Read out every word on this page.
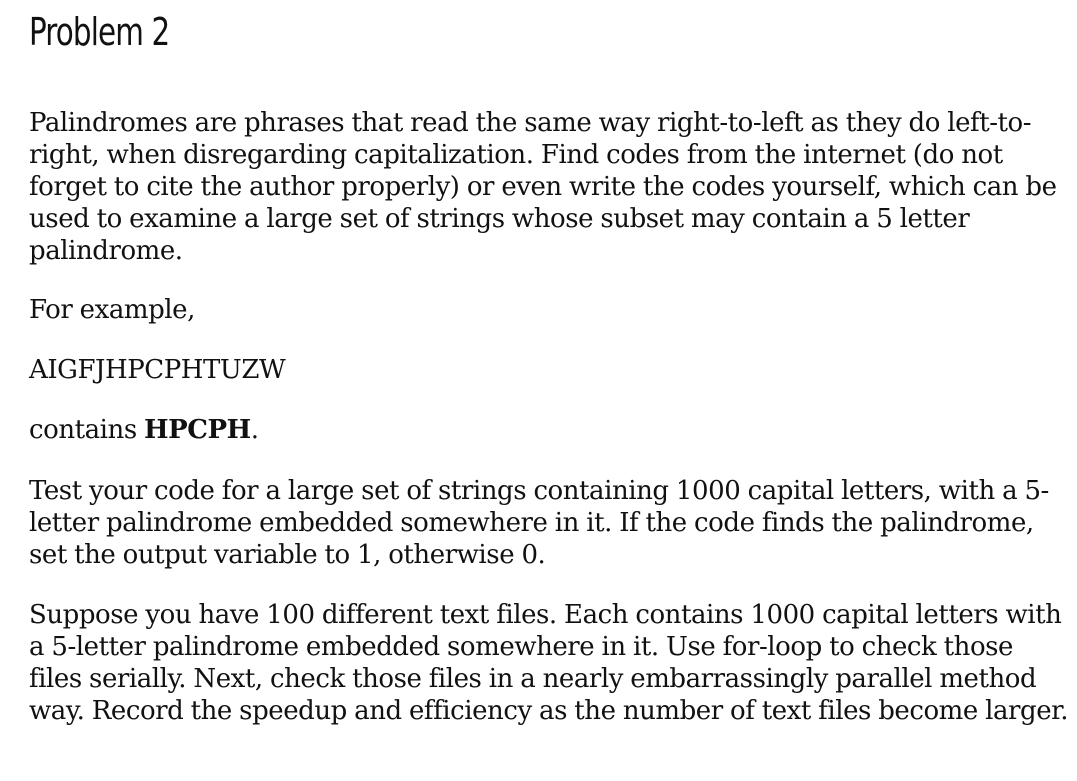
Problem 2

Palindromes are phrases that read the same way right-to-left as they do left-to-right, when disregarding capitalization. Find codes from the internet (do not forget to cite the author properly) or even write the codes yourself, which can be used to examine a large set of strings whose subset may contain a 5 letter palindrome.

For example,

AIGFJHPCPHTUZW

contains HPCPH.

Test your code for a large set of strings containing 1000 capital letters, with a 5-letter palindrome embedded somewhere in it. If the code finds the palindrome, set the output variable to 1, otherwise 0.

Suppose you have 100 different text files. Each contains 1000 capital letters with a 5-letter palindrome embedded somewhere in it. Use for-loop to check those files serially. Next, check those files in a nearly embarrassingly parallel method way. Record the speedup and efficiency as the number of text files become larger.
